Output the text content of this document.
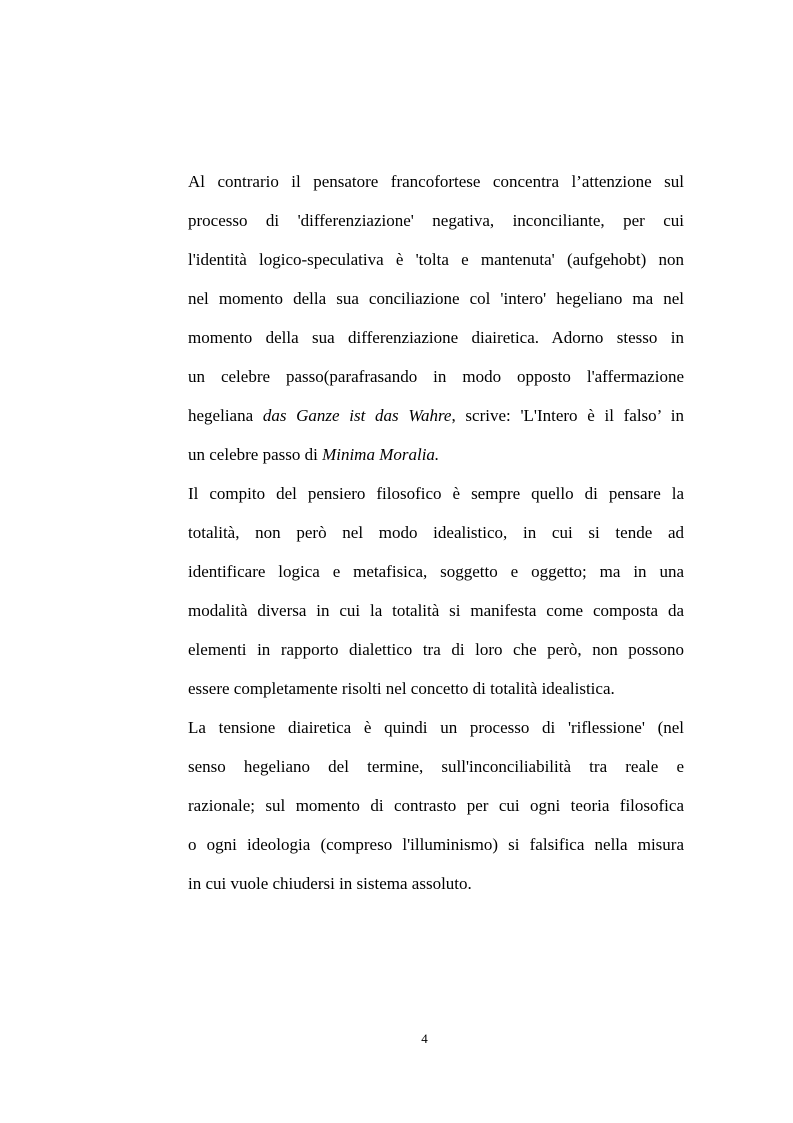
Al contrario il pensatore francofortese concentra l’attenzione sul
processo di 'differenziazione' negativa, inconciliante, per cui
l'identità logico-speculativa è 'tolta e mantenuta' (aufgehobt) non
nel momento della sua conciliazione col 'intero' hegeliano ma nel
momento della sua differenziazione diairetica. Adorno stesso in
un celebre passo(parafrasando in modo opposto l'affermazione
hegeliana das Ganze ist das Wahre, scrive: 'L'Intero è il falso’ in
un celebre passo di Minima Moralia.
Il compito del pensiero filosofico è sempre quello di pensare la
totalità, non però nel modo idealistico, in cui si tende ad
identificare logica e metafisica, soggetto e oggetto; ma in una
modalità diversa in cui la totalità si manifesta come composta da
elementi in rapporto dialettico tra di loro che però, non possono
essere completamente risolti nel concetto di totalità idealistica.
La tensione diairetica è quindi un processo di 'riflessione' (nel
senso hegeliano del termine, sull'inconciliabilità tra reale e
razionale; sul momento di contrasto per cui ogni teoria filosofica
o ogni ideologia (compreso l'illuminismo) si falsifica nella misura
in cui vuole chiudersi in sistema assoluto.
4
